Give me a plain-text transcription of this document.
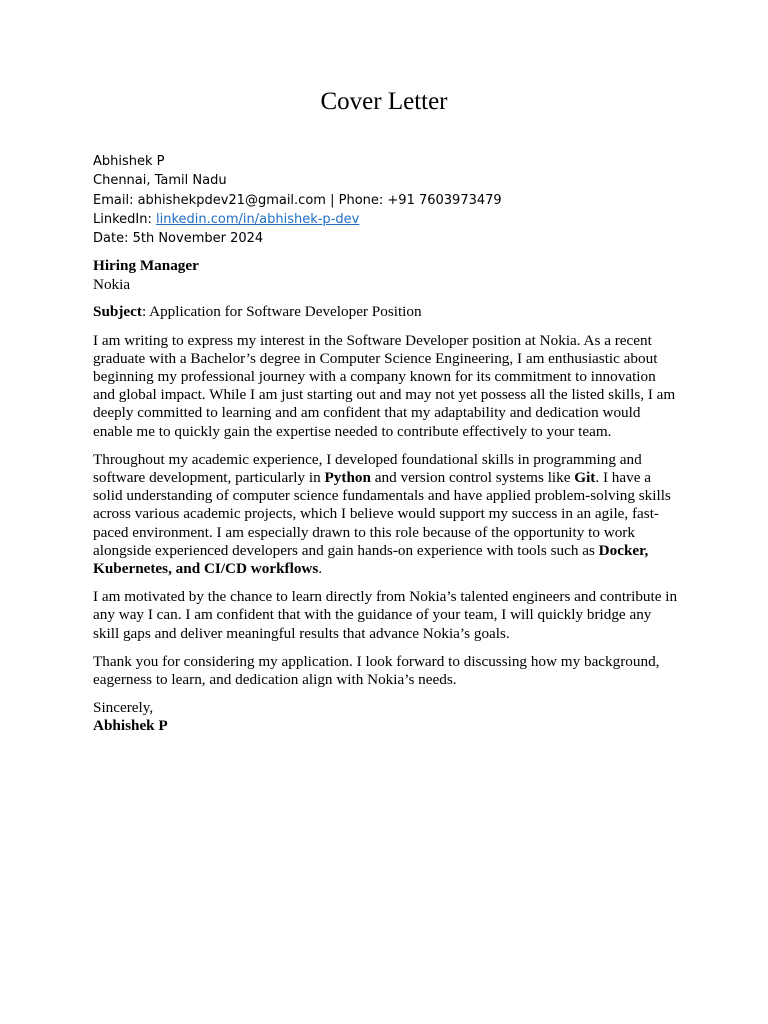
Cover Letter
Abhishek P
Chennai, Tamil Nadu
Email: abhishekpdev21@gmail.com | Phone: +91 7603973479
LinkedIn: linkedin.com/in/abhishek-p-dev
Date: 5th November 2024
Hiring Manager
Nokia
Subject: Application for Software Developer Position

I am writing to express my interest in the Software Developer position at Nokia. As a recent graduate with a Bachelor’s degree in Computer Science Engineering, I am enthusiastic about beginning my professional journey with a company known for its commitment to innovation and global impact. While I am just starting out and may not yet possess all the listed skills, I am deeply committed to learning and am confident that my adaptability and dedication would enable me to quickly gain the expertise needed to contribute effectively to your team.

Throughout my academic experience, I developed foundational skills in programming and software development, particularly in Python and version control systems like Git. I have a solid understanding of computer science fundamentals and have applied problem-solving skills across various academic projects, which I believe would support my success in an agile, fast-paced environment. I am especially drawn to this role because of the opportunity to work alongside experienced developers and gain hands-on experience with tools such as Docker, Kubernetes, and CI/CD workflows.

I am motivated by the chance to learn directly from Nokia’s talented engineers and contribute in any way I can. I am confident that with the guidance of your team, I will quickly bridge any skill gaps and deliver meaningful results that advance Nokia’s goals.

Thank you for considering my application. I look forward to discussing how my background, eagerness to learn, and dedication align with Nokia’s needs.

Sincerely,
Abhishek P
